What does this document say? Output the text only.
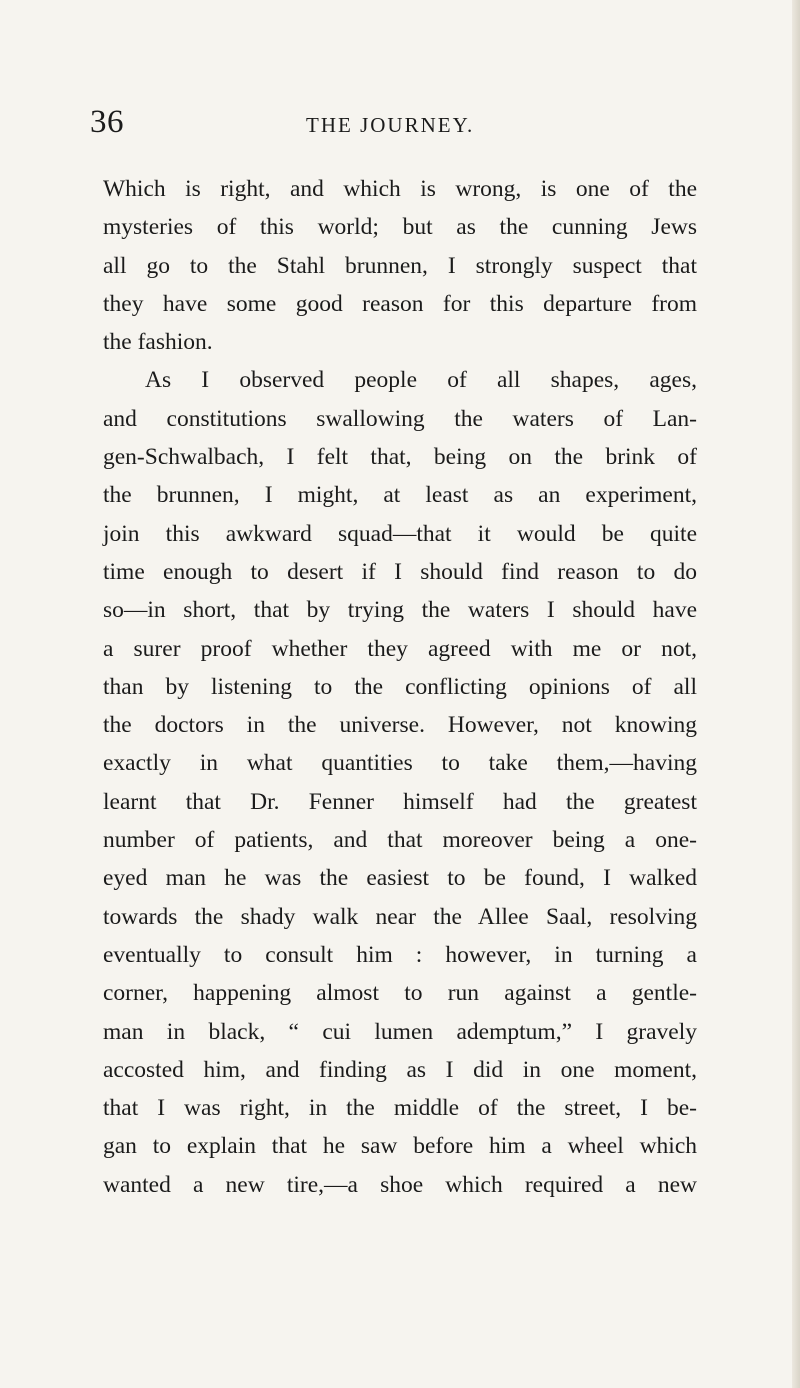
36	THE JOURNEY.
Which is right, and which is wrong, is one of the
mysteries of this world; but as the cunning Jews
all go to the Stahl brunnen, I strongly suspect that
they have some good reason for this departure from
the fashion.
As I observed people of all shapes, ages,
and constitutions swallowing the waters of Lan-
gen-Schwalbach, I felt that, being on the brink of
the brunnen, I might, at least as an experiment,
join this awkward squad—that it would be quite
time enough to desert if I should find reason to do
so—in short, that by trying the waters I should have
a surer proof whether they agreed with me or not,
than by listening to the conflicting opinions of all
the doctors in the universe. However, not knowing
exactly in what quantities to take them,—having
learnt that Dr. Fenner himself had the greatest
number of patients, and that moreover being a one-
eyed man he was the easiest to be found, I walked
towards the shady walk near the Allee Saal, resolving
eventually to consult him : however, in turning a
corner, happening almost to run against a gentle-
man in black, “ cui lumen ademptum,” I gravely
accosted him, and finding as I did in one moment,
that I was right, in the middle of the street, I be-
gan to explain that he saw before him a wheel which
wanted a new tire,—a shoe which required a new
